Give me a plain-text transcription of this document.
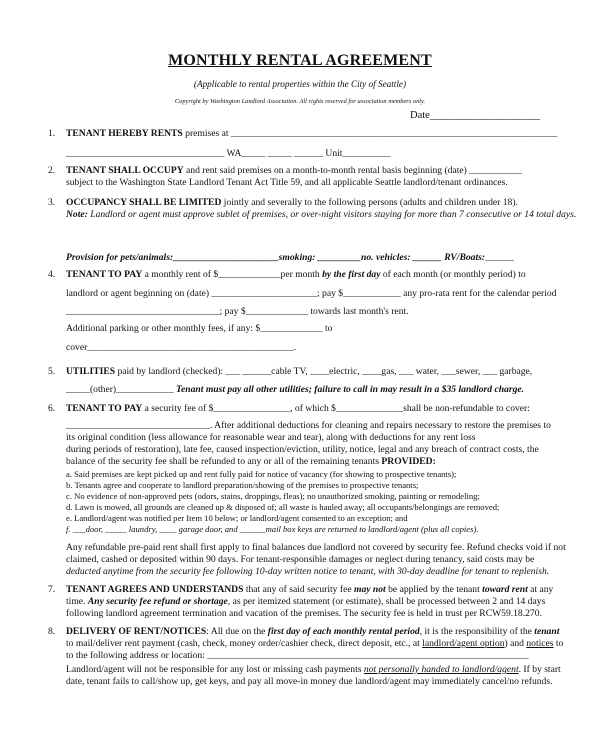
MONTHLY RENTAL AGREEMENT
(Applicable to rental properties within the City of Seattle)
Copyright by Washington Landlord Association. All rights reserved for association members only.
Date_____________________
1. TENANT HEREBY RENTS premises at ____________________________________________________________________
_________________________________ WA_____ _____ ______ Unit__________
2. TENANT SHALL OCCUPY and rent said premises on a month-to-month rental basis beginning (date) ___________
subject to the Washington State Landlord Tenant Act Title 59, and all applicable Seattle landlord/tenant ordinances.
3. OCCUPANCY SHALL BE LIMITED jointly and severally to the following persons (adults and children under 18).
Note: Landlord or agent must approve sublet of premises, or over-night visitors staying for more than 7 consecutive or 14 total days.
Provision for pets/animals:______________________smoking: _________no. vehicles: ______ RV/Boats:______
4. TENANT TO PAY a monthly rent of $_____________per month by the first day of each month (or monthly period) to
landlord or agent beginning on (date) ______________________; pay $____________ any pro-rata rent for the calendar period
________________________________; pay $_____________ towards last month's rent.
Additional parking or other monthly fees, if any: $_____________ to
cover___________________________________________.
5. UTILITIES paid by landlord (checked): ___ ______cable TV, ____electric, ____gas, ___ water, ___sewer, ___ garbage,
_____(other)____________ Tenant must pay all other utilities; failure to call in may result in a $35 landlord charge.
6. TENANT TO PAY a security fee of $________________, of which $______________shall be non-refundable to cover:
______________________________. After additional deductions for cleaning and repairs necessary to restore the premises to
its original condition (less allowance for reasonable wear and tear), along with deductions for any rent loss
during periods of restoration), late fee, caused inspection/eviction, utility, notice, legal and any breach of contract costs, the
balance of the security fee shall be refunded to any or all of the remaining tenants PROVIDED:
a. Said premises are kept picked up and rent fully paid for notice of vacancy (for showing to prospective tenants);
b. Tenants agree and cooperate to landlord preparation/showing of the premises to prospective tenants;
c. No evidence of non-approved pets (odors, stains, droppings, fleas); no unauthorized smoking, painting or remodeling;
d. Lawn is mowed, all grounds are cleaned up & disposed of; all waste is hauled away; all occupants/belongings are removed;
e. Landlord/agent was notified per Item 10 below; or landlord/agent consented to an exception; and
f. ___door, _____ laundry, ____ garage door, and ______mail box keys are returned to landlord/agent (plus all copies).
Any refundable pre-paid rent shall first apply to final balances due landlord not covered by security fee. Refund checks void if not
claimed, cashed or deposited within 90 days. For tenant-responsible damages or neglect during tenancy, said costs may be
deducted anytime from the security fee following 10-day written notice to tenant, with 30-day deadline for tenant to replenish.
7. TENANT AGREES AND UNDERSTANDS that any of said security fee may not be applied by the tenant toward rent at any
time. Any security fee refund or shortage, as per itemized statement (or estimate), shall be processed between 2 and 14 days
following landlord agreement termination and vacation of the premises. The security fee is held in trust per RCW59.18.270.
8. DELIVERY OF RENT/NOTICES: All due on the first day of each monthly rental period, it is the responsibility of the tenant
to mail/deliver rent payment (cash, check, money order/cashier check, direct deposit, etc., at landlord/agent option) and notices to
to the following address or location: ___________________________________________________________________
Landlord/agent will not be responsible for any lost or missing cash payments not personally handed to landlord/agent. If by start
date, tenant fails to call/show up, get keys, and pay all move-in money due landlord/agent may immediately cancel/no refunds.
